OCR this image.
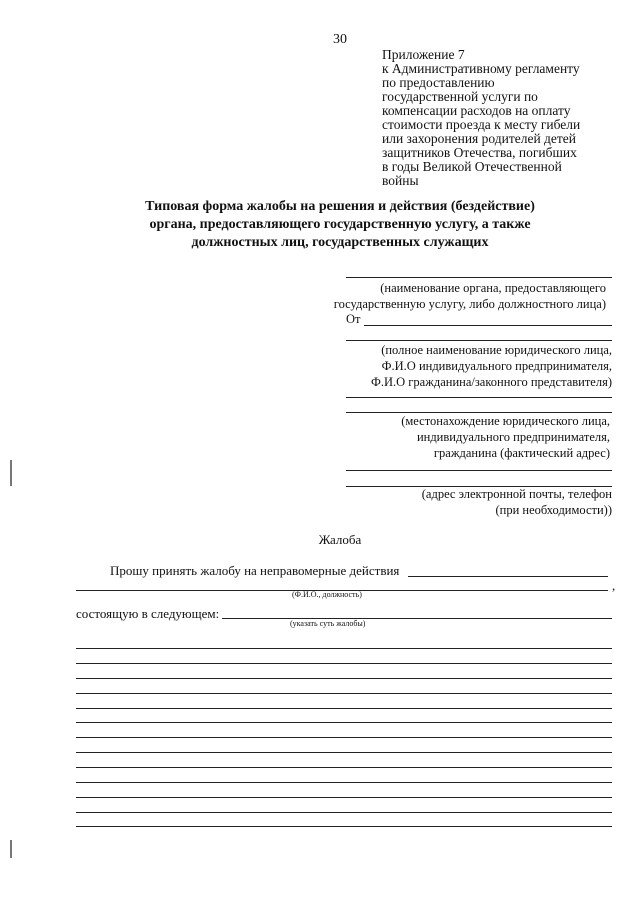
30
Приложение 7
к Административному регламенту
по предоставлению
государственной услуги по
компенсации расходов на оплату
стоимости проезда к месту гибели
или захоронения родителей детей
защитников Отечества, погибших
в годы Великой Отечественной
войны
Типовая форма жалобы на решения и действия (бездействие)
органа, предоставляющего государственную услугу, а также
должностных лиц, государственных служащих
(наименование органа, предоставляющего
государственную услугу, либо должностного лица)
От
(полное наименование юридического лица,
Ф.И.О индивидуального предпринимателя,
Ф.И.О гражданина/законного представителя)
(местонахождение юридического лица,
индивидуального предпринимателя,
гражданина (фактический адрес)
(адрес электронной почты, телефон
(при необходимости))
Жалоба
Прошу принять жалобу на неправомерные действия
,
(Ф.И.О., должность)
состоящую в следующем:
(указать суть жалобы)
